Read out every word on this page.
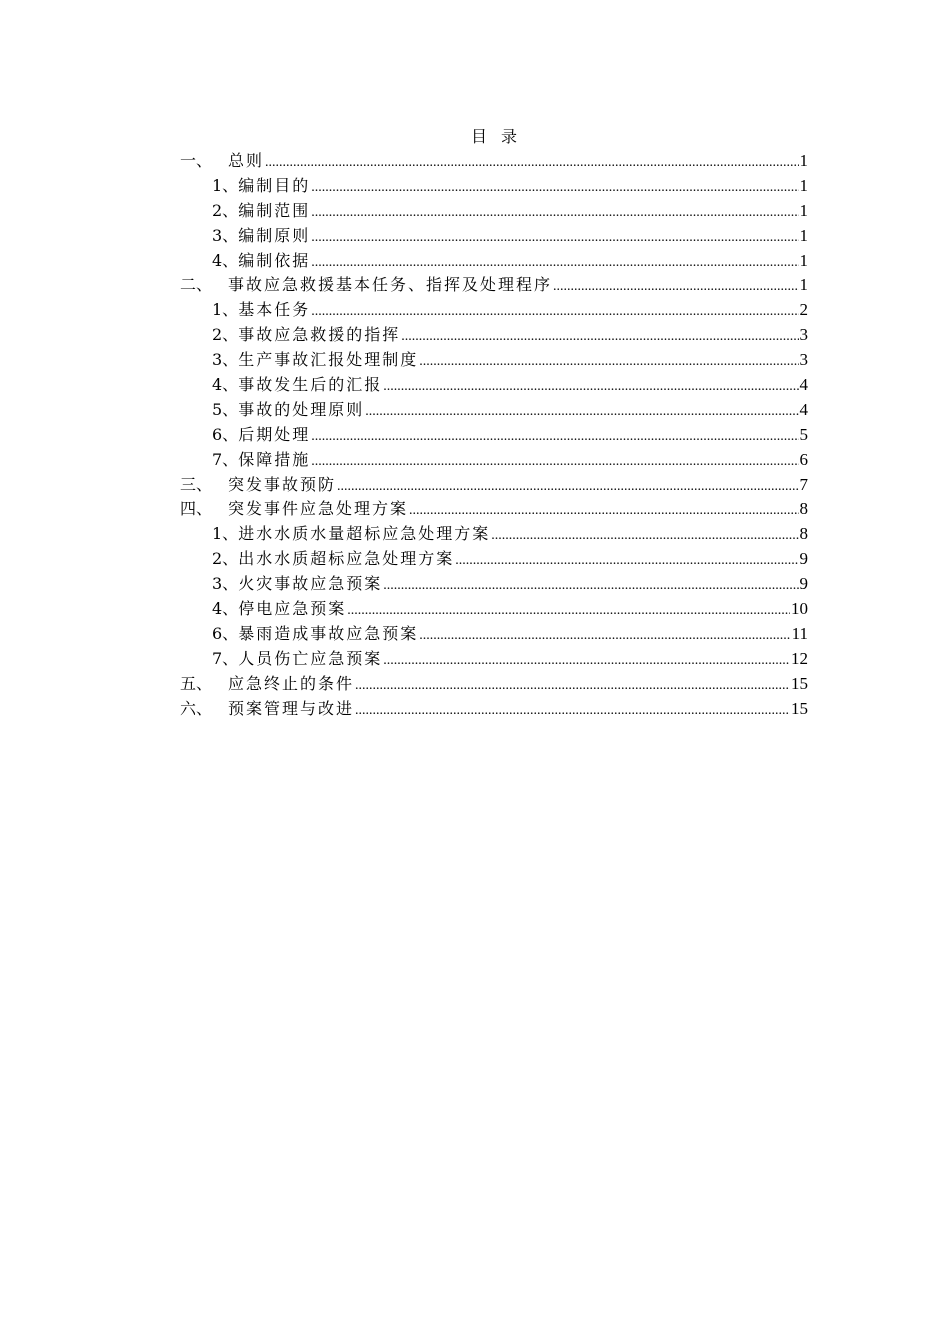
目录
一、 总则 .....	1
1、 编制目的 .....	1
2、 编制范围 .....	1
3、 编制原则 .....	1
4、 编制依据 .....	1
二、 事故应急救援基本任务、指挥及处理程序 .....	1
1、 基本任务 .....	2
2、 事故应急救援的指挥 .....	3
3、 生产事故汇报处理制度 .....	3
4、 事故发生后的汇报 .....	4
5、 事故的处理原则 .....	4
6、 后期处理 .....	5
7、 保障措施 .....	6
三、 突发事故预防 .....	7
四、 突发事件应急处理方案 .....	8
1、 进水水质水量超标应急处理方案 .....	8
2、 出水水质超标应急处理方案 .....	9
3、 火灾事故应急预案 .....	9
4、 停电应急预案 .....	10
6、 暴雨造成事故应急预案 .....	11
7、 人员伤亡应急预案 .....	12
五、 应急终止的条件 .....	15
六、 预案管理与改进 .....	15
